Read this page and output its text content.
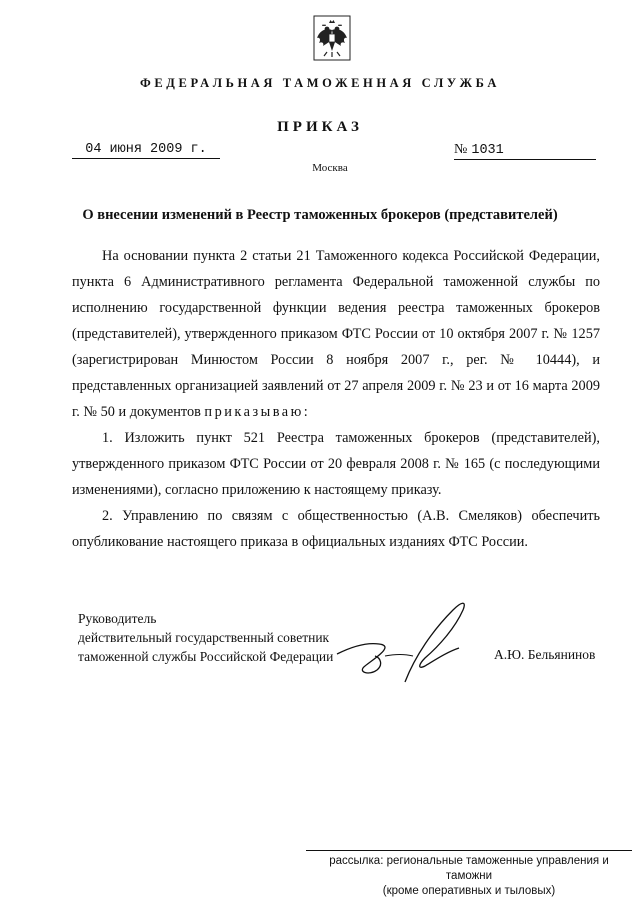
ФЕДЕРАЛЬНАЯ ТАМОЖЕННАЯ СЛУЖБА
ПРИКАЗ
04 июня 2009 г.	№ 1031
Москва
О внесении изменений в Реестр таможенных брокеров (представителей)

На основании пункта 2 статьи 21 Таможенного кодекса Российской Федерации, пункта 6 Административного регламента Федеральной таможенной службы по исполнению государственной функции ведения реестра таможенных брокеров (представителей), утвержденного приказом ФТС России от 10 октября 2007 г. № 1257 (зарегистрирован Минюстом России 8 ноября 2007 г., рег. № 10444), и представленных организацией заявлений от 27 апреля 2009 г. № 23 и от 16 марта 2009 г. № 50 и документов приказываю:

1. Изложить пункт 521 Реестра таможенных брокеров (представителей), утвержденного приказом ФТС России от 20 февраля 2008 г. № 165 (с последующими изменениями), согласно приложению к настоящему приказу.

2. Управлению по связям с общественностью (А.В. Смеляков) обеспечить опубликование настоящего приказа в официальных изданиях ФТС России.

Руководитель
действительный государственный советник
таможенной службы Российской Федерации	А.Ю. Бельянинов
рассылка: региональные таможенные управления и таможни
(кроме оперативных и тыловых)
